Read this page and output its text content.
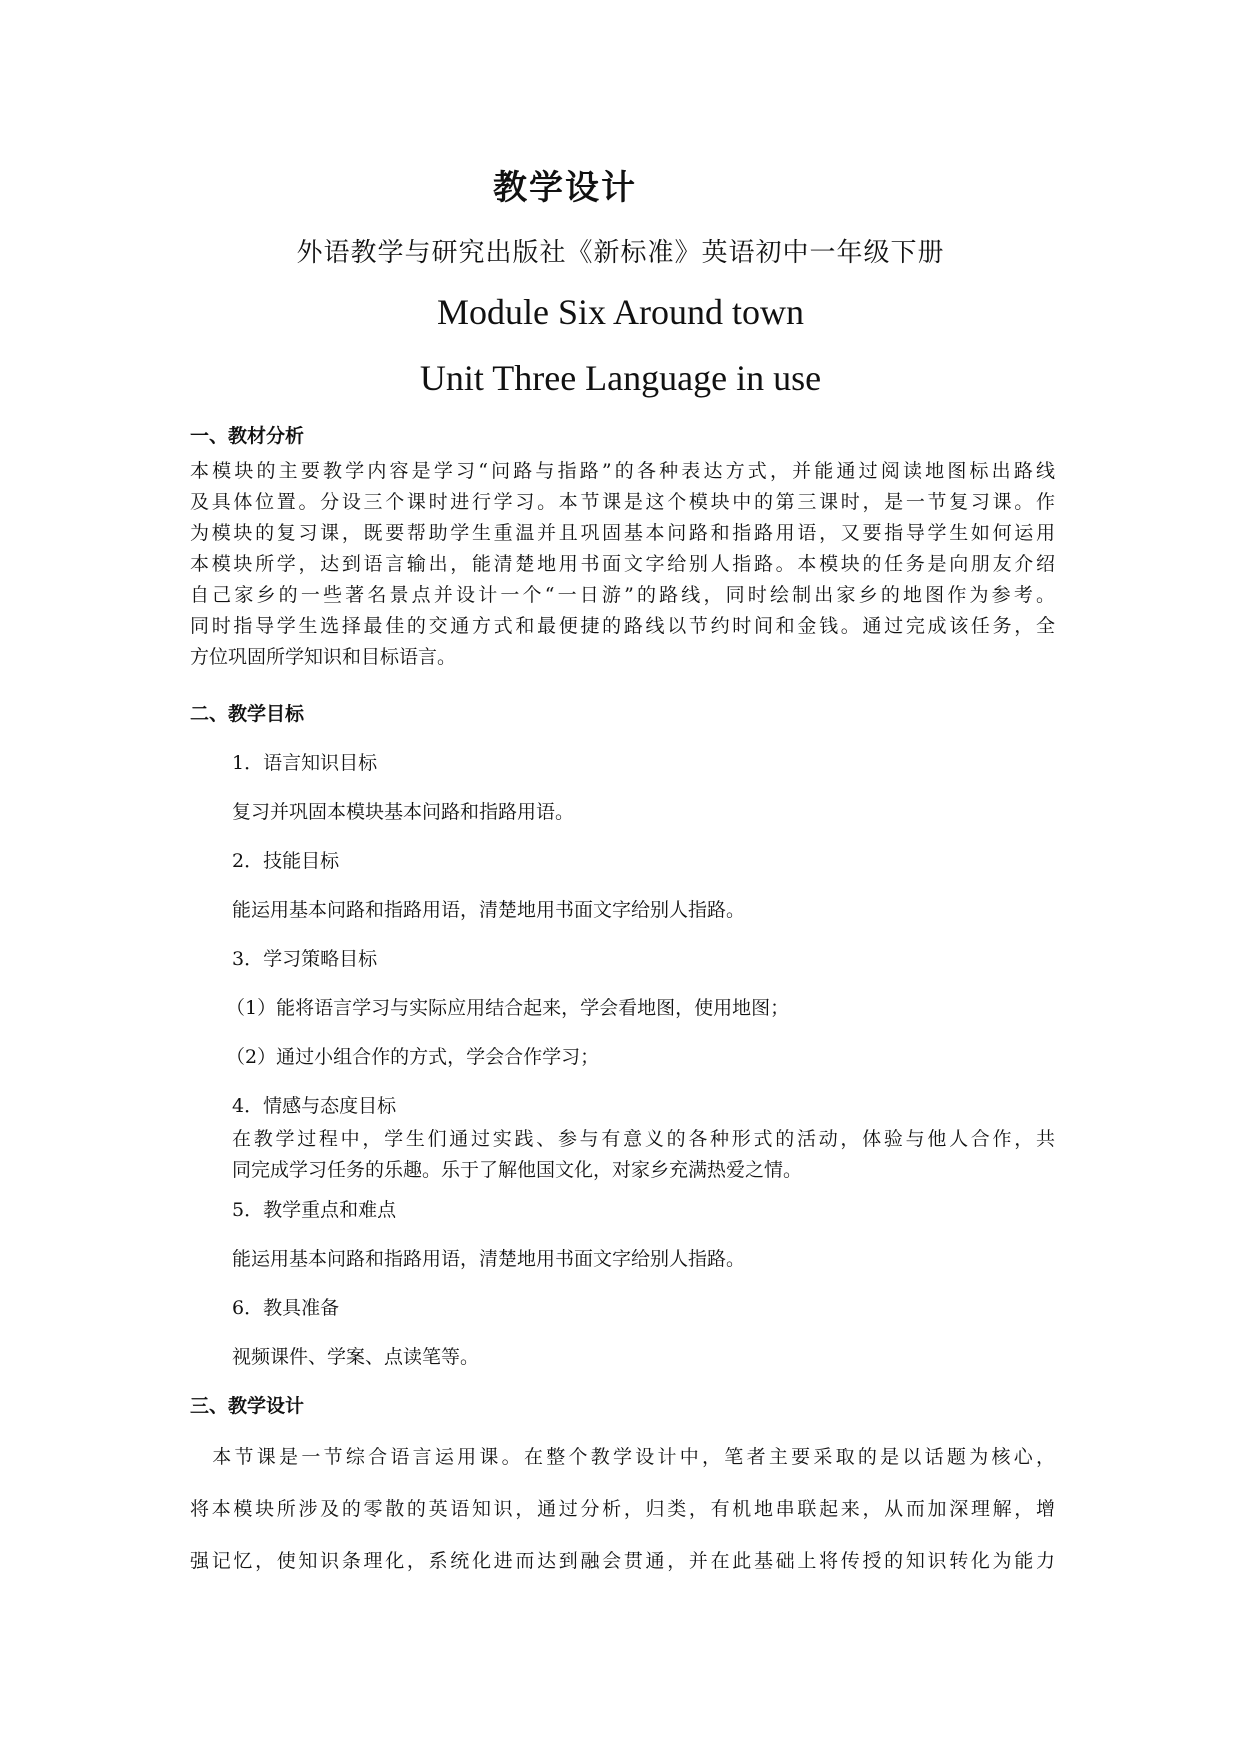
教学设计
外语教学与研究出版社《新标准》英语初中一年级下册
Module Six Around town
Unit Three Language in use
一、教材分析
本模块的主要教学内容是学习“问路与指路”的各种表达方式，并能通过阅读地图标出路线
及具体位置。分设三个课时进行学习。本节课是这个模块中的第三课时，是一节复习课。作
为模块的复习课，既要帮助学生重温并且巩固基本问路和指路用语，又要指导学生如何运用
本模块所学，达到语言输出，能清楚地用书面文字给别人指路。本模块的任务是向朋友介绍
自己家乡的一些著名景点并设计一个“一日游”的路线，同时绘制出家乡的地图作为参考。
同时指导学生选择最佳的交通方式和最便捷的路线以节约时间和金钱。通过完成该任务，全
方位巩固所学知识和目标语言。
二、教学目标
1．语言知识目标
复习并巩固本模块基本问路和指路用语。
2．技能目标
能运用基本问路和指路用语，清楚地用书面文字给别人指路。
3．学习策略目标
（1）能将语言学习与实际应用结合起来，学会看地图，使用地图；
（2）通过小组合作的方式，学会合作学习；
4．情感与态度目标
在教学过程中，学生们通过实践、参与有意义的各种形式的活动，体验与他人合作，共
同完成学习任务的乐趣。乐于了解他国文化，对家乡充满热爱之情。
5．教学重点和难点
能运用基本问路和指路用语，清楚地用书面文字给别人指路。
6．教具准备
视频课件、学案、点读笔等。
三、教学设计
　本节课是一节综合语言运用课。在整个教学设计中，笔者主要采取的是以话题为核心，
将本模块所涉及的零散的英语知识，通过分析，归类，有机地串联起来，从而加深理解，增
强记忆，使知识条理化，系统化进而达到融会贯通，并在此基础上将传授的知识转化为能力
